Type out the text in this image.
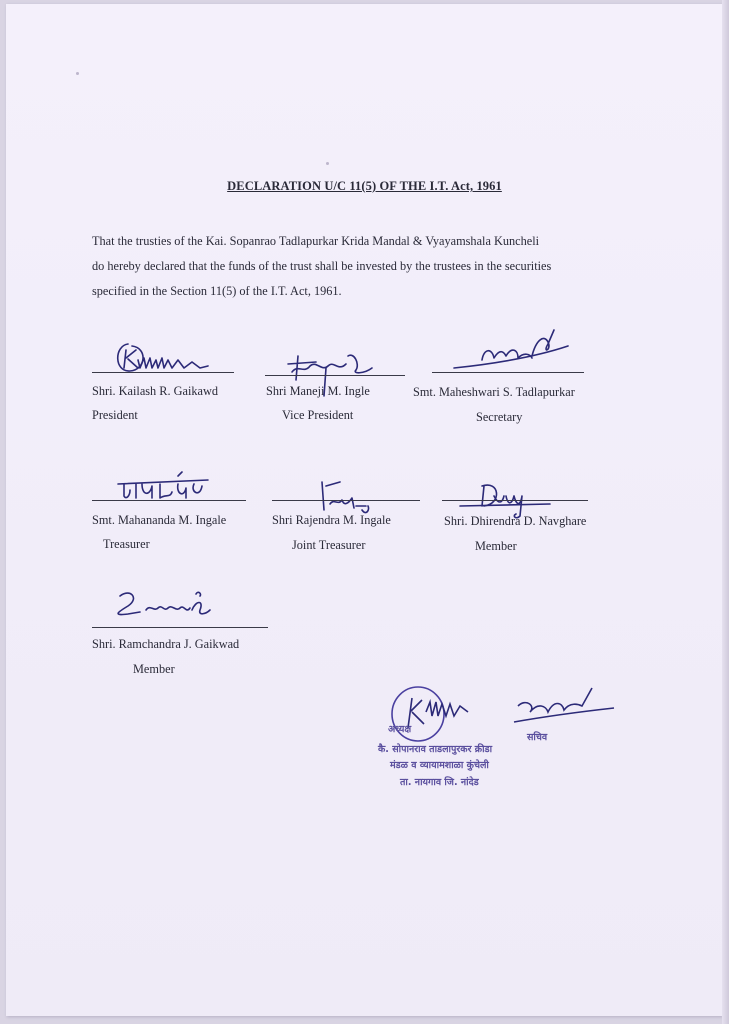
DECLARATION U/C 11(5) OF THE I.T. Act, 1961
That the trusties of the Kai. Sopanrao Tadlapurkar Krida Mandal & Vyayamshala Kuncheli
do hereby declared that the funds of the trust shall be invested by the trustees in the securities
specified in the Section 11(5) of the I.T. Act, 1961.
Shri. Kailash R. Gaikawd
President
Shri Maneji M. Ingle
Vice President
Smt. Maheshwari S. Tadlapurkar
Secretary
Smt. Mahananda M. Ingale
Treasurer
Shri Rajendra M. Ingale
Joint Treasurer
Shri. Dhirendra D. Navghare
Member
Shri. Ramchandra J. Gaikwad
Member
अध्यक्ष
सचिव
कै. सोपानराव ताडलापुरकर क्रीडा
मंडळ व व्यायामशाळा कुंचेली
ता. नायगाव जि. नांदेड
